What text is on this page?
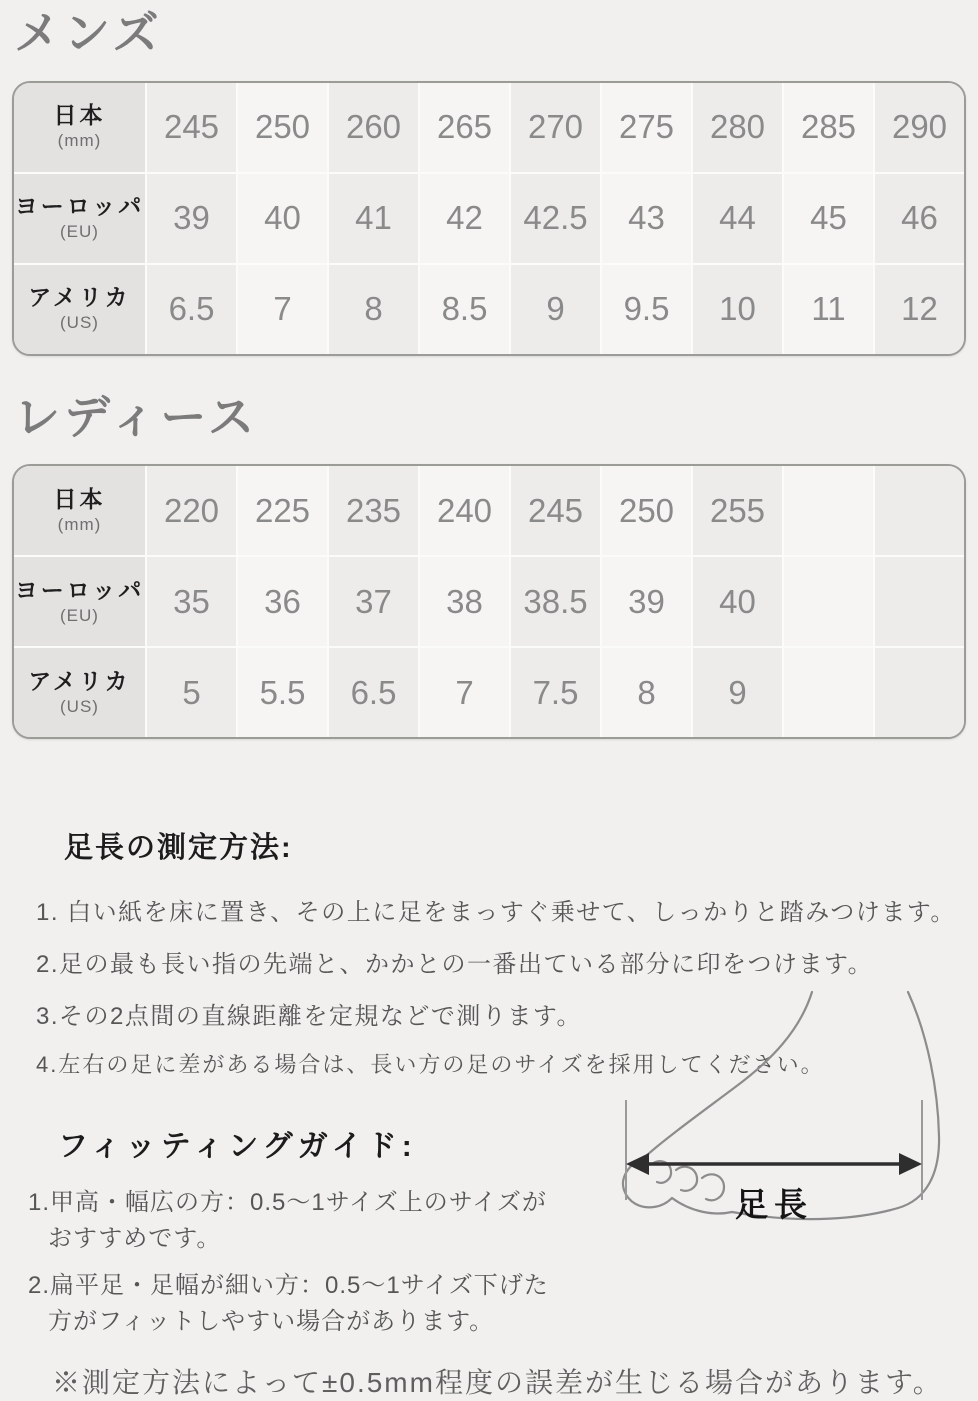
メンズ
日本
(mm)	245	250	260	265	270	275	280	285	290
ヨーロッパ
(EU)	39	40	41	42	42.5	43	44	45	46
アメリカ
(US)	6.5	7	8	8.5	9	9.5	10	11	12
レディース
日本
(mm)	220	225	235	240	245	250	255
ヨーロッパ
(EU)	35	36	37	38	38.5	39	40
アメリカ
(US)	5	5.5	6.5	7	7.5	8	9
足長の測定方法:

1. 白い紙を床に置き、その上に足をまっすぐ乗せて、しっかりと踏みつけます。

2.足の最も長い指の先端と、かかとの一番出ている部分に印をつけます。

3.その2点間の直線距離を定規などで測ります。

4.左右の足に差がある場合は、長い方の足のサイズを採用してください。

フィッティングガイド:

1.甲高・幅広の方：0.5～1サイズ上のサイズが
おすすめです。

2.扁平足・足幅が細い方：0.5～1サイズ下げた
方がフィットしやすい場合があります。

※測定方法によって±0.5mm程度の誤差が生じる場合があります。
足長
